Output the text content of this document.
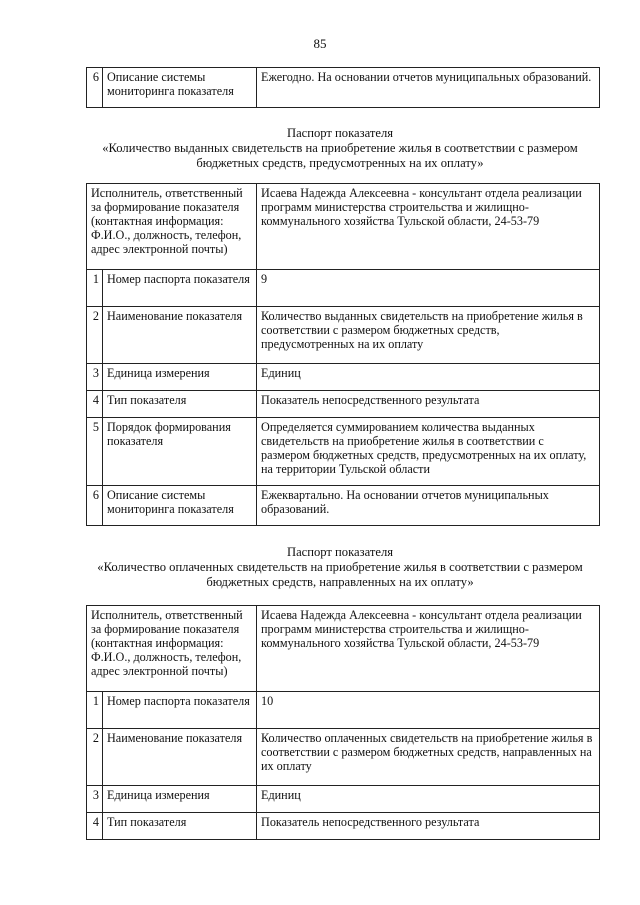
85
6	Описание системы мониторинга показателя	Ежегодно. На основании отчетов муниципальных образований.
Паспорт показателя
«Количество выданных свидетельств на приобретение жилья в соответствии с размером
бюджетных средств, предусмотренных на их оплату»
Исполнитель, ответственный за формирование показателя (контактная информация: Ф.И.О., должность, телефон, адрес электронной почты)		Исаева Надежда Алексеевна - консультант отдела реализации программ министерства строительства и жилищно-коммунального хозяйства Тульской области, 24-53-79
1	Номер паспорта показателя	9
2	Наименование показателя	Количество выданных свидетельств на приобретение жилья в соответствии с размером бюджетных средств, предусмотренных на их оплату
3	Единица измерения	Единиц
4	Тип показателя	Показатель непосредственного результата
5	Порядок формирования показателя	Определяется суммированием количества выданных свидетельств на приобретение жилья в соответствии с размером бюджетных средств, предусмотренных на их оплату, на территории Тульской области
6	Описание системы мониторинга показателя	Ежеквартально. На основании отчетов муниципальных образований.
Паспорт показателя
«Количество оплаченных свидетельств на приобретение жилья в соответствии с размером
бюджетных средств, направленных на их оплату»
Исполнитель, ответственный за формирование показателя (контактная информация: Ф.И.О., должность, телефон, адрес электронной почты)		Исаева Надежда Алексеевна - консультант отдела реализации программ министерства строительства и жилищно-коммунального хозяйства Тульской области, 24-53-79
1	Номер паспорта показателя	10
2	Наименование показателя	Количество оплаченных свидетельств на приобретение жилья в соответствии с размером бюджетных средств, направленных на их оплату
3	Единица измерения	Единиц
4	Тип показателя	Показатель непосредственного результата
